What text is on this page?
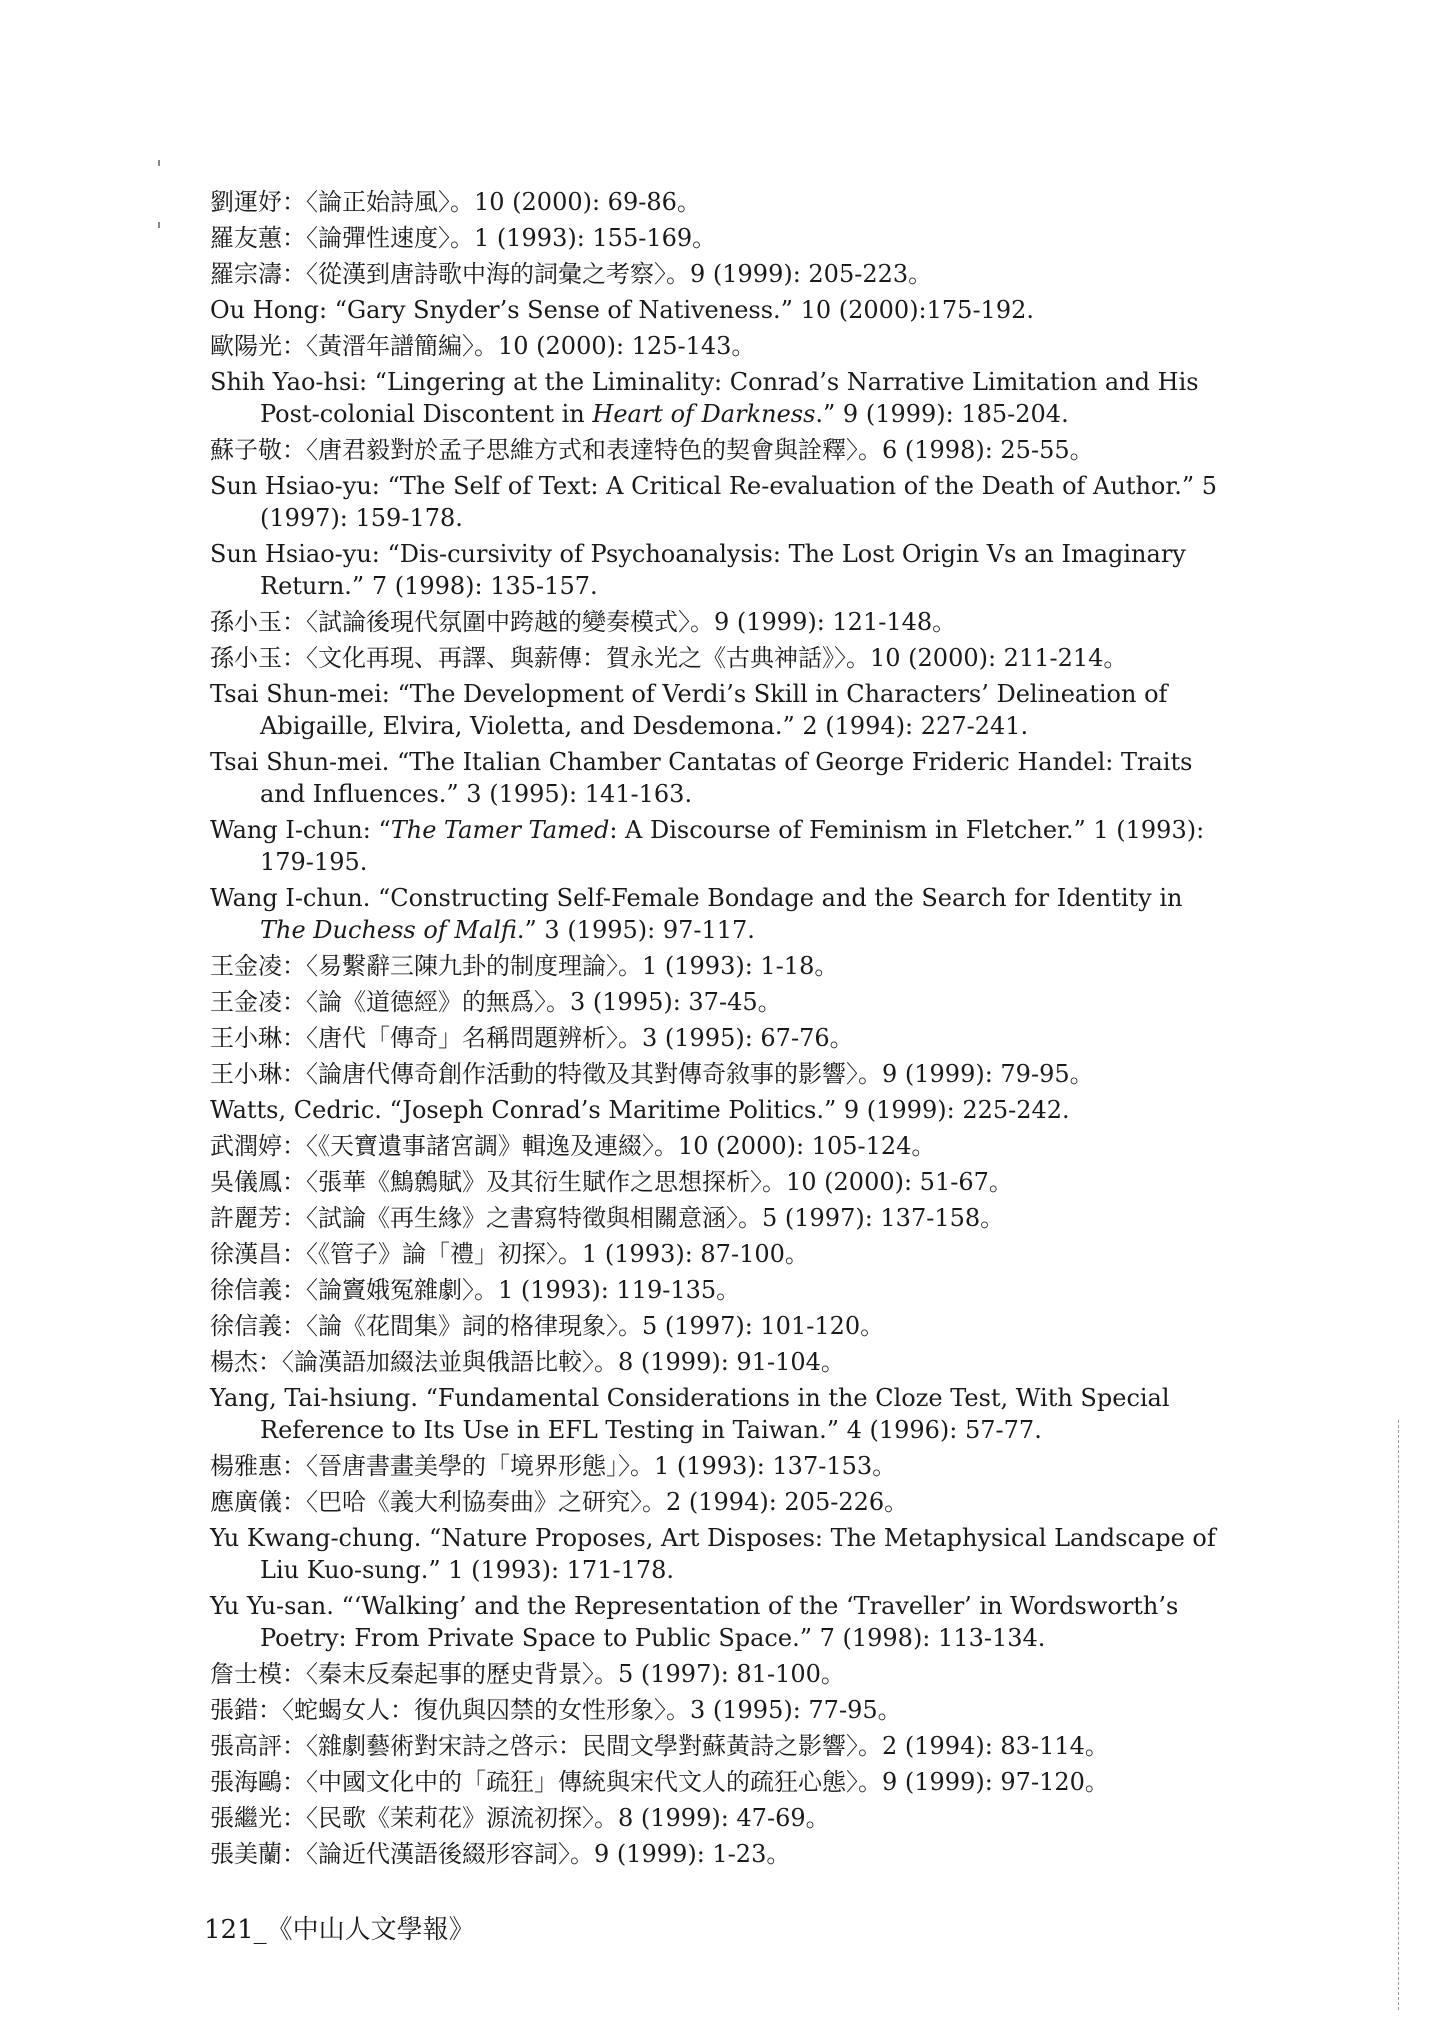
劉運妤：〈論正始詩風〉。10 (2000): 69-86。
羅友蕙：〈論彈性速度〉。1 (1993): 155-169。
羅宗濤：〈從漢到唐詩歌中海的詞彙之考察〉。9 (1999): 205-223。
Ou Hong: “Gary Snyder’s Sense of Nativeness.” 10 (2000):175-192.
歐陽光：〈黃溍年譜簡編〉。10 (2000): 125-143。
Shih Yao-hsi: “Lingering at the Liminality: Conrad’s Narrative Limitation and His Post-colonial Discontent in Heart of Darkness.” 9 (1999): 185-204.
蘇子敬：〈唐君毅對於孟子思維方式和表達特色的契會與詮釋〉。6 (1998): 25-55。
Sun Hsiao-yu: “The Self of Text: A Critical Re-evaluation of the Death of Author.” 5 (1997): 159-178.
Sun Hsiao-yu: “Dis-cursivity of Psychoanalysis: The Lost Origin Vs an Imaginary Return.” 7 (1998): 135-157.
孫小玉：〈試論後現代氛圍中跨越的變奏模式〉。9 (1999): 121-148。
孫小玉：〈文化再現、再譯、與薪傳：賀永光之《古典神話》〉。10 (2000): 211-214。
Tsai Shun-mei: “The Development of Verdi’s Skill in Characters’ Delineation of Abigaille, Elvira, Violetta, and Desdemona.” 2 (1994): 227-241.
Tsai Shun-mei. “The Italian Chamber Cantatas of George Frideric Handel: Traits and Influences.” 3 (1995): 141-163.
Wang I-chun: “The Tamer Tamed: A Discourse of Feminism in Fletcher.” 1 (1993): 179-195.
Wang I-chun. “Constructing Self-Female Bondage and the Search for Identity in The Duchess of Malfi.” 3 (1995): 97-117.
王金凌：〈易繫辭三陳九卦的制度理論〉。1 (1993): 1-18。
王金凌：〈論《道德經》的無爲〉。3 (1995): 37-45。
王小琳：〈唐代「傳奇」名稱問題辨析〉。3 (1995): 67-76。
王小琳：〈論唐代傳奇創作活動的特徵及其對傳奇敘事的影響〉。9 (1999): 79-95。
Watts, Cedric. “Joseph Conrad’s Maritime Politics.” 9 (1999): 225-242.
武潤婷：〈《天寶遺事諸宮調》輯逸及連綴〉。10 (2000): 105-124。
吳儀鳳：〈張華《鷦鷯賦》及其衍生賦作之思想探析〉。10 (2000): 51-67。
許麗芳：〈試論《再生緣》之書寫特徵與相關意涵〉。5 (1997): 137-158。
徐漢昌：〈《管子》論「禮」初探〉。1 (1993): 87-100。
徐信義：〈論竇娥冤雜劇〉。1 (1993): 119-135。
徐信義：〈論《花間集》詞的格律現象〉。5 (1997): 101-120。
楊杰：〈論漢語加綴法並與俄語比較〉。8 (1999): 91-104。
Yang, Tai-hsiung. “Fundamental Considerations in the Cloze Test, With Special Reference to Its Use in EFL Testing in Taiwan.” 4 (1996): 57-77.
楊雅惠：〈晉唐書畫美學的「境界形態」〉。1 (1993): 137-153。
應廣儀：〈巴哈《義大利協奏曲》之研究〉。2 (1994): 205-226。
Yu Kwang-chung. “Nature Proposes, Art Disposes: The Metaphysical Landscape of Liu Kuo-sung.” 1 (1993): 171-178.
Yu Yu-san. “‘Walking’ and the Representation of the ‘Traveller’ in Wordsworth’s Poetry: From Private Space to Public Space.” 7 (1998): 113-134.
詹士模：〈秦末反秦起事的歷史背景〉。5 (1997): 81-100。
張錯：〈蛇蝎女人：復仇與囚禁的女性形象〉。3 (1995): 77-95。
張高評：〈雜劇藝術對宋詩之啓示：民間文學對蘇黃詩之影響〉。2 (1994): 83-114。
張海鷗：〈中國文化中的「疏狂」傳統與宋代文人的疏狂心態〉。9 (1999): 97-120。
張繼光：〈民歌《茉莉花》源流初探〉。8 (1999): 47-69。
張美蘭：〈論近代漢語後綴形容詞〉。9 (1999): 1-23。
121_《中山人文學報》
